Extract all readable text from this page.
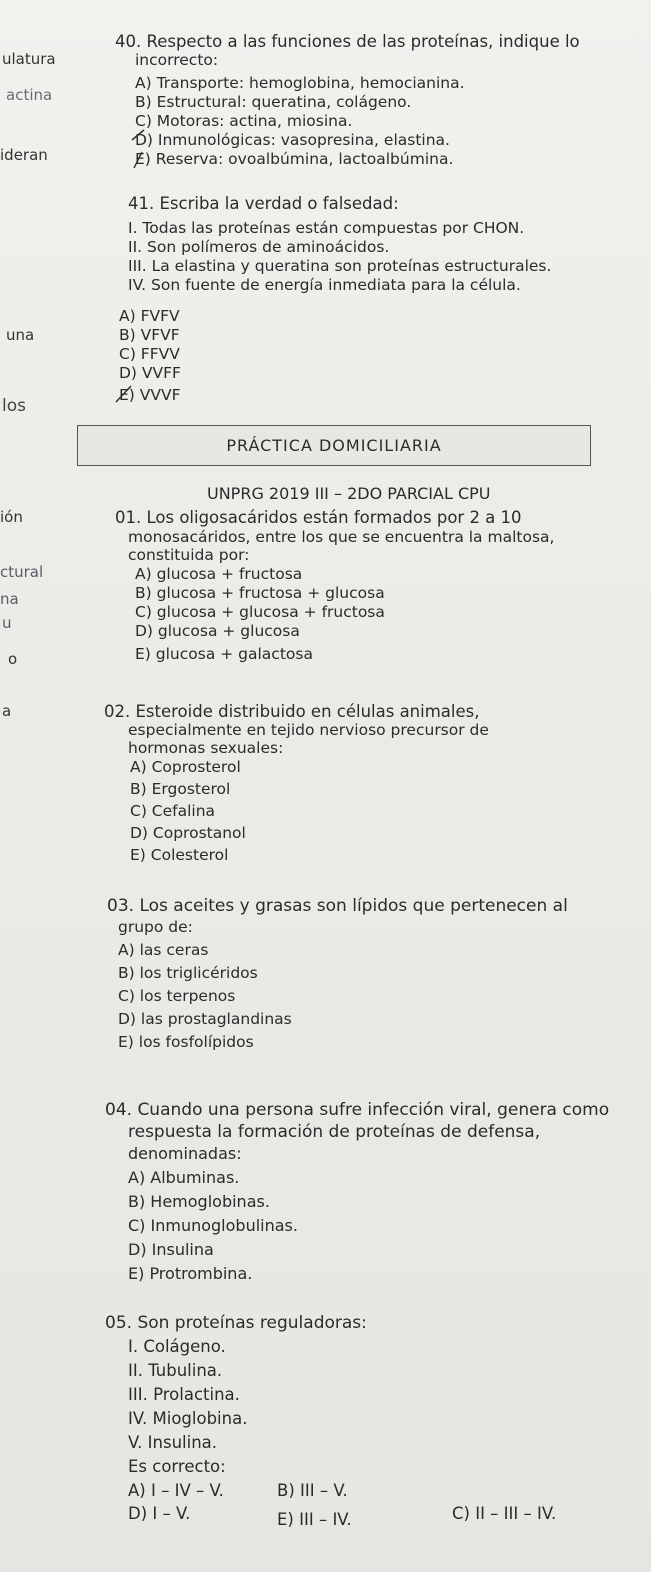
ulatura
actina
ideran
una
los
ión
ctural
na
u
o
a
40. Respecto a las funciones de las proteínas, indique lo
incorrecto:
A) Transporte: hemoglobina, hemocianina.
B) Estructural: queratina, colágeno.
C) Motoras: actina, miosina.
D) Inmunológicas: vasopresina, elastina.
E) Reserva: ovoalbúmina, lactoalbúmina.
41. Escriba la verdad o falsedad:
I. Todas las proteínas están compuestas por CHON.
II. Son polímeros de aminoácidos.
III. La elastina y queratina son proteínas estructurales.
IV. Son fuente de energía inmediata para la célula.
A) FVFV
B) VFVF
C) FFVV
D) VVFF
E) VVVF
PRÁCTICA DOMICILIARIA
UNPRG 2019 III – 2DO PARCIAL CPU
01. Los oligosacáridos están formados por 2 a 10
monosacáridos, entre los que se encuentra la maltosa,
constituida por:
A) glucosa + fructosa
B) glucosa + fructosa + glucosa
C) glucosa + glucosa + fructosa
D) glucosa + glucosa
E) glucosa + galactosa
02. Esteroide distribuido en células animales,
especialmente en tejido nervioso precursor de
hormonas sexuales:
A) Coprosterol
B) Ergosterol
C) Cefalina
D) Coprostanol
E) Colesterol
03. Los aceites y grasas son lípidos que pertenecen al
grupo de:
A) las ceras
B) los triglicéridos
C) los terpenos
D) las prostaglandinas
E) los fosfolípidos
04. Cuando una persona sufre infección viral, genera como
respuesta la formación de proteínas de defensa,
denominadas:
A) Albuminas.
B) Hemoglobinas.
C) Inmunoglobulinas.
D) Insulina
E) Protrombina.
05. Son proteínas reguladoras:
I. Colágeno.
II. Tubulina.
III. Prolactina.
IV. Mioglobina.
V. Insulina.
Es correcto:
A) I – IV – V.	B) III – V.
C) II – III – IV.
D) I – V.	E) III – IV.
